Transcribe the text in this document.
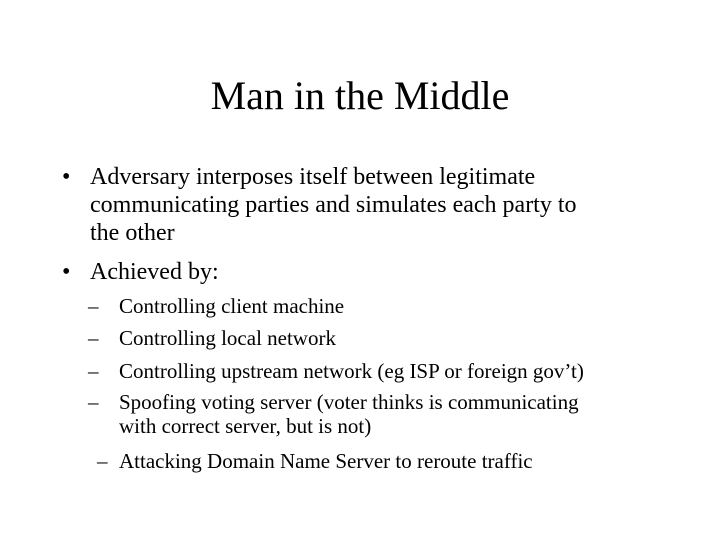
Man in the Middle
• Adversary interposes itself between legitimate
communicating parties and simulates each party to
the other
• Achieved by:
– Controlling client machine
– Controlling local network
– Controlling upstream network (eg ISP or foreign gov’t)
– Spoofing voting server (voter thinks is communicating
with correct server, but is not)
– Attacking Domain Name Server to reroute traffic
